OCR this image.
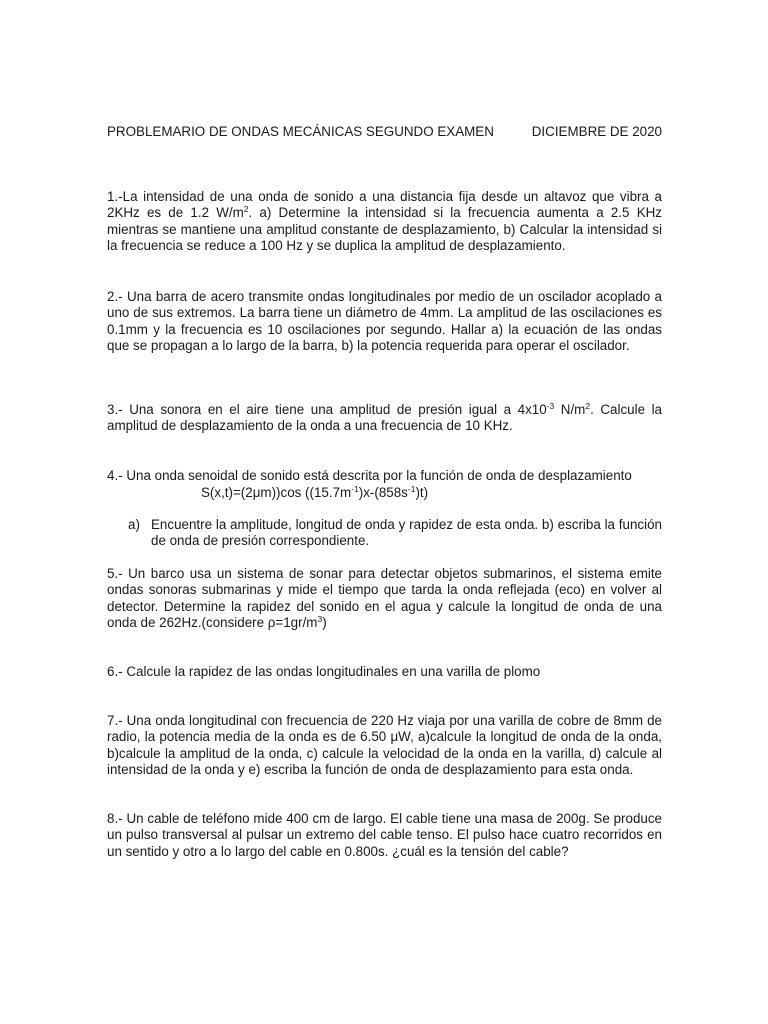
PROBLEMARIO DE ONDAS MECÁNICAS SEGUNDO EXAMEN	DICIEMBRE DE 2020

1.-La intensidad de una onda de sonido a una distancia fija desde un altavoz que vibra a 2KHz es de 1.2 $W/m^2$. a) Determine la intensidad si la frecuencia aumenta a 2.5 KHz mientras se mantiene una amplitud constante de desplazamiento, b) Calcular la intensidad si la frecuencia se reduce a 100 Hz y se duplica la amplitud de desplazamiento.

2.- Una barra de acero transmite ondas longitudinales por medio de un oscilador acoplado a uno de sus extremos. La barra tiene un diámetro de 4mm. La amplitud de las oscilaciones es 0.1mm y la frecuencia es 10 oscilaciones por segundo. Hallar a) la ecuación de las ondas que se propagan a lo largo de la barra, b) la potencia requerida para operar el oscilador.

3.- Una sonora en el aire tiene una amplitud de presión igual a $4x10^{-3}$ $N/m^2$. Calcule la amplitud de desplazamiento de la onda a una frecuencia de 10 KHz.

4.- Una onda senoidal de sonido está descrita por la función de onda de desplazamiento

S(x,t)=(2μm))cos $((15.7m^{-1})x-(858s^{-1})t)$
a) Encuentre la amplitude, longitud de onda y rapidez de esta onda. b) escriba la función de onda de presión correspondiente.

5.- Un barco usa un sistema de sonar para detectar objetos submarinos, el sistema emite ondas sonoras submarinas y mide el tiempo que tarda la onda reflejada (eco) en volver al detector. Determine la rapidez del sonido en el agua y calcule la longitud de onda de una onda de 262Hz.(considere $\rho=1gr/m^3$)

6.- Calcule la rapidez de las ondas longitudinales en una varilla de plomo

7.- Una onda longitudinal con frecuencia de 220 Hz viaja por una varilla de cobre de 8mm de radio, la potencia media de la onda es de 6.50 μW, a)calcule la longitud de onda de la onda, b)calcule la amplitud de la onda, c) calcule la velocidad de la onda en la varilla, d) calcule al intensidad de la onda y e) escriba la función de onda de desplazamiento para esta onda.

8.- Un cable de teléfono mide 400 cm de largo. El cable tiene una masa de 200g. Se produce un pulso transversal al pulsar un extremo del cable tenso. El pulso hace cuatro recorridos en un sentido y otro a lo largo del cable en 0.800s. ¿cuál es la tensión del cable?
